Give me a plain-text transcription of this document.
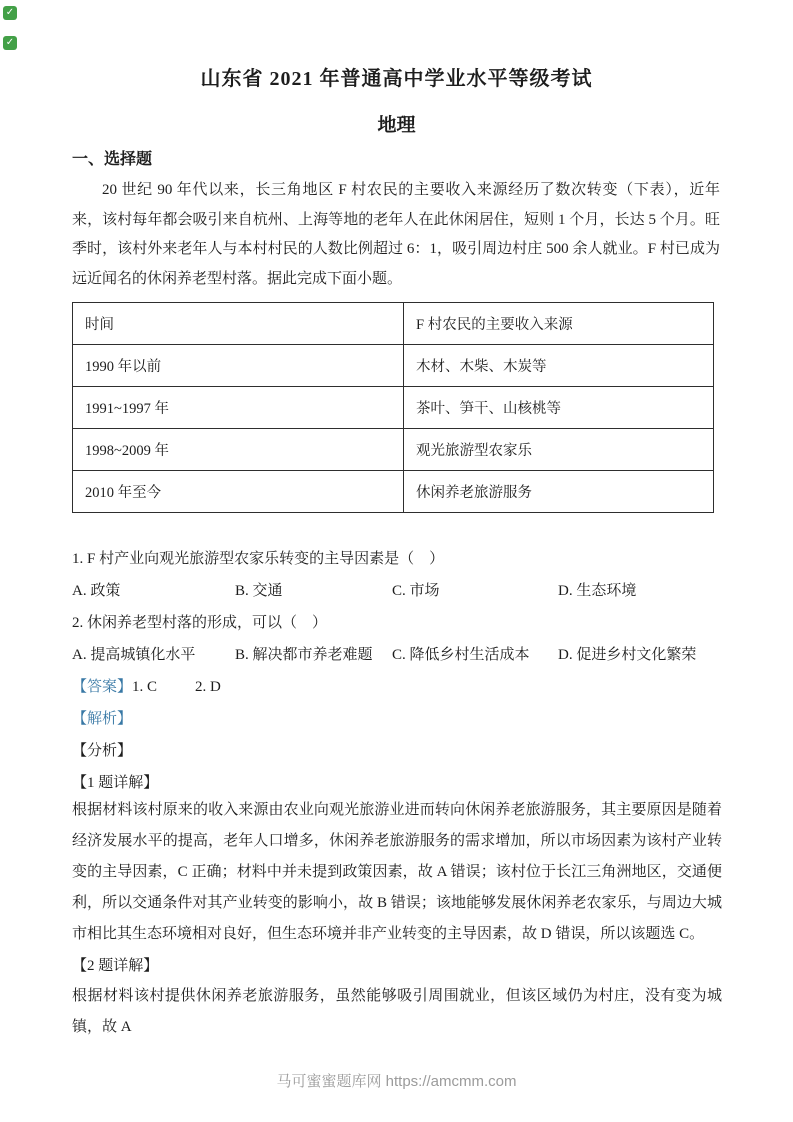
✓
✓
山东省 2021 年普通高中学业水平等级考试
地理
一、选择题

20 世纪 90 年代以来，长三角地区 F 村农民的主要收入来源经历了数次转变（下表），近年来，该村每年都会吸引来自杭州、上海等地的老年人在此休闲居住，短则 1 个月，长达 5 个月。旺季时，该村外来老年人与本村村民的人数比例超过 6：1，吸引周边村庄 500 余人就业。F 村已成为远近闻名的休闲养老型村落。据此完成下面小题。

时间	F 村农民的主要收入来源
1990 年以前	木材、木柴、木炭等
1991~1997 年	茶叶、笋干、山核桃等
1998~2009 年	观光旅游型农家乐
2010 年至今	休闲养老旅游服务
1. F 村产业向观光旅游型农家乐转变的主导因素是（　）
A. 政策	B. 交通	C. 市场	D. 生态环境
2. 休闲养老型村落的形成，可以（　）
A. 提高城镇化水平	B. 解决都市养老难题 C. 降低乡村生活成本 D. 促进乡村文化繁荣
【答案】1. C	2. D
【解析】
【分析】
【1 题详解】

根据材料该村原来的收入来源由农业向观光旅游业进而转向休闲养老旅游服务，其主要原因是随着经济发展水平的提高，老年人口增多，休闲养老旅游服务的需求增加，所以市场因素为该村产业转变的主导因素，C 正确；材料中并未提到政策因素，故 A 错误；该村位于长江三角洲地区，交通便利，所以交通条件对其产业转变的影响小，故 B 错误；该地能够发展休闲养老农家乐，与周边大城市相比其生态环境相对良好，但生态环境并非产业转变的主导因素，故 D 错误，所以该题选 C。

【2 题详解】

根据材料该村提供休闲养老旅游服务，虽然能够吸引周围就业，但该区域仍为村庄，没有变为城镇，故 A

马可蜜蜜题库网 https://amcmm.com
